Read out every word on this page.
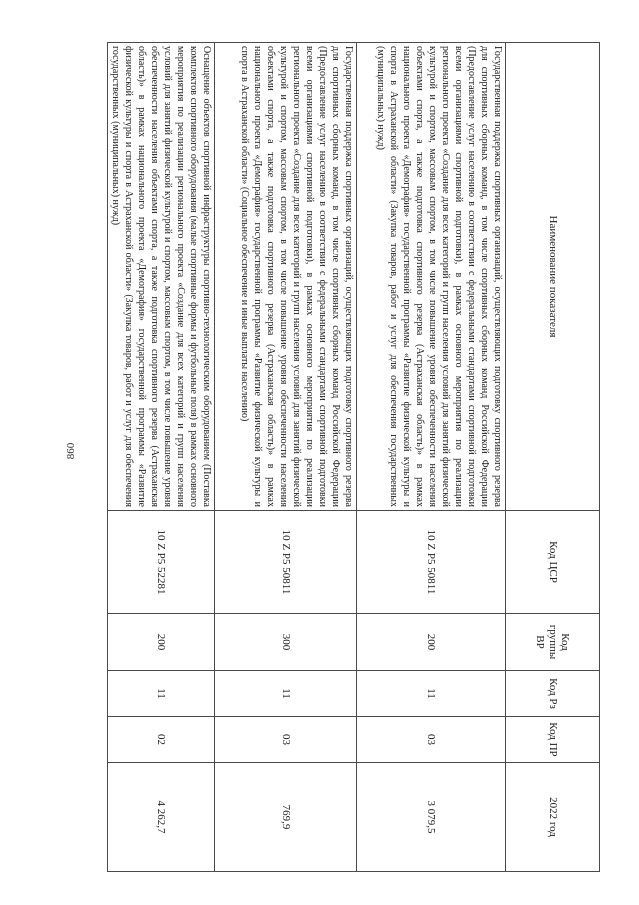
860
Наименование показателя	Код ЦСР	Код группы ВР	Код Рз	Код ПР	2022 год
Государственная поддержка спортивных организаций, осуществляющих подготовку спортивного резерва для спортивных сборных команд, в том числе спортивных сборных команд Российской Федерации (Предоставление услуг населению в соответствии с федеральными стандартами спортивной подготовки всеми организациями спортивной подготовки), в рамках основного мероприятия по реализации регионального проекта «Создание для всех категорий и групп населения условий для занятий физической культурой и спортом, массовым спортом, в том числе повышение уровня обеспеченности населения объектами спорта, а также подготовка спортивного резерва (Астраханская область)» в рамках национального проекта «Демография» государственной программы «Развитие физической культуры и спорта в Астраханской области» (Закупка товаров, работ и услуг для обеспечения государственных (муниципальных) нужд)	10 Z P5 50811	200	11	03	3 079,5
Государственная поддержка спортивных организаций, осуществляющих подготовку спортивного резерва для спортивных сборных команд, в том числе спортивных сборных команд Российской Федерации (Предоставление услуг населению в соответствии с федеральными стандартами спортивной подготовки всеми организациями спортивной подготовки), в рамках основного мероприятия по реализации регионального проекта «Создание для всех категорий и групп населения условий для занятий физической культурой и спортом, массовым спортом, в том числе повышение уровня обеспеченности населения объектами спорта, а также подготовка спортивного резерва (Астраханская область)» в рамках национального проекта «Демография» государственной программы «Развитие физической культуры и спорта в Астраханской области» (Социальное обеспечение и иные выплаты населению)	10 Z P5 50811	300	11	03	769,9
Оснащение объектов спортивной инфраструктуры спортивно-технологическим оборудованием (Поставка комплектов спортивного оборудования (малые спортивные формы и футбольные поля) в рамках основного мероприятия по реализации регионального проекта «Создание для всех категорий и групп населения условий для занятий физической культурой и спортом, массовым спортом, в том числе повышение уровня обеспеченности населения объектами спорта, а также подготовка спортивного резерва (Астраханская область)» в рамках национального проекта «Демография» государственной программы «Развитие физической культуры и спорта в Астраханской области» (Закупка товаров, работ и услуг для обеспечения государственных (муниципальных) нужд)	10 Z P5 52281	200	11	02	4 262,7
